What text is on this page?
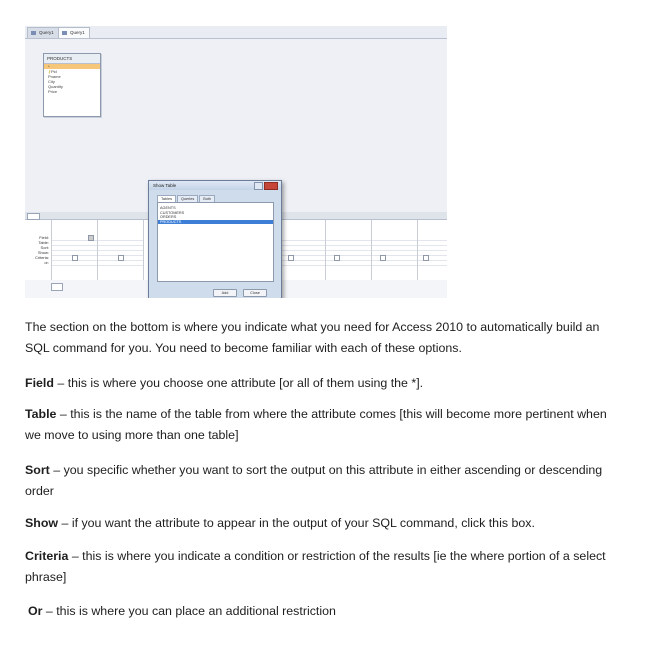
Query1	Query1
PRODUCTS
*
⚷Pid
Pname
City
Quantity
Price
Field:
Table:
Sort:
Show:
Criteria:
or:
Show Table
Tables	Queries	Both
AGENTS
CUSTOMERS
ORDERS
PRODUCTS
Add	Close
The section on the bottom is where you indicate what you need for Access 2010 to automatically build an SQL command for you. You need to become familiar with each of these options.
Field – this is where you choose one attribute [or all of them using the *].
Table – this is the name of the table from where the attribute comes [this will become more pertinent when we move to using more than one table]
Sort – you specific whether you want to sort the output on this attribute in either ascending or descending order
Show – if you want the attribute to appear in the output of your SQL command, click this box.
Criteria – this is where you indicate a condition or restriction of the results [ie the where portion of a select phrase]
Or – this is where you can place an additional restriction
